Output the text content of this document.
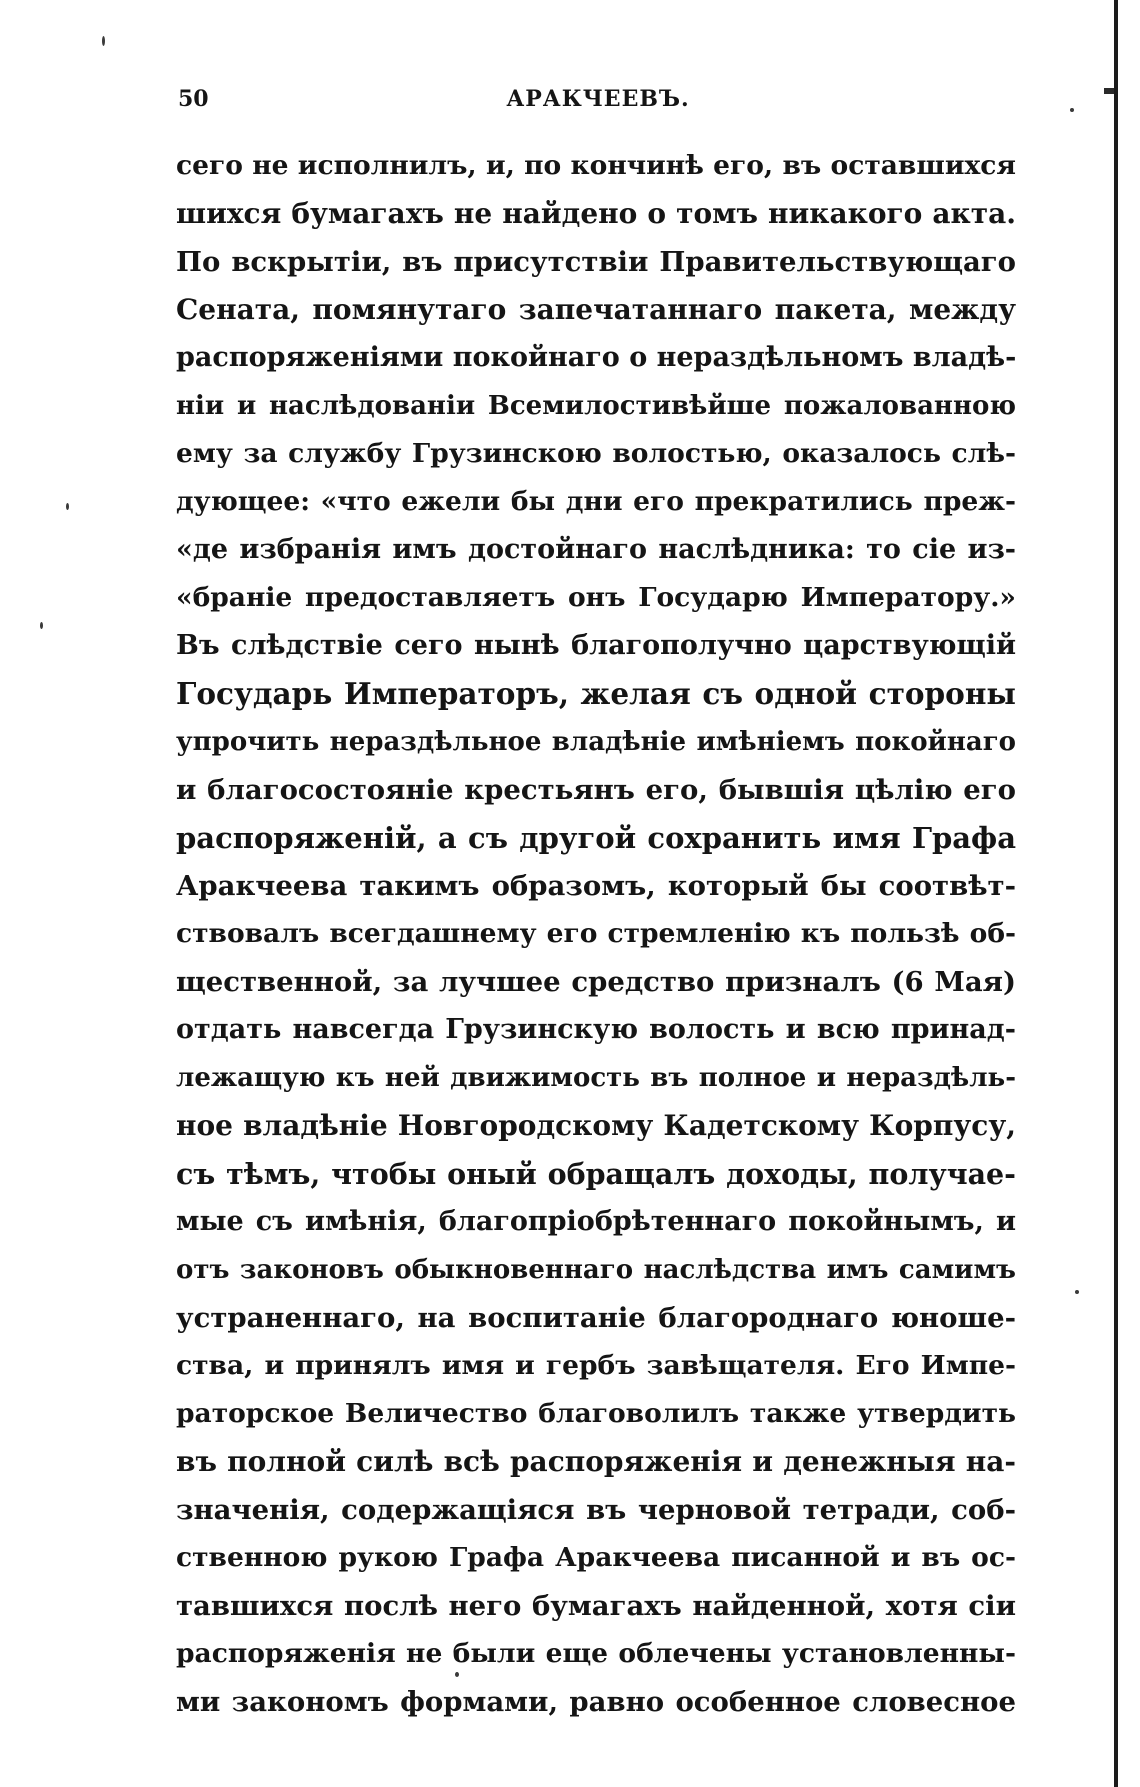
50	АРАКЧЕЕВЪ.
сего не исполнилъ, и, по кончинѣ его, въ оставшихся
шихся бумагахъ не найдено о томъ никакого акта.
По вскрытіи, въ присутствіи Правительствующаго
Сената, помянутаго запечатаннаго пакета, между
распоряженіями покойнаго о нераздѣльномъ владѣ-
ніи и наслѣдованіи Всемилостивѣйше пожалованною
ему за службу Грузинскою волостью, оказалось слѣ-
дующее: «что ежели бы дни его прекратились преж-
«де избранія имъ достойнаго наслѣдника: то сіе из-
«браніе предоставляетъ онъ Государю Императору.»
Въ слѣдствіе сего нынѣ благополучно царствующій
Государь Императоръ, желая съ одной стороны
упрочить нераздѣльное владѣніе имѣніемъ покойнаго
и благосостояніе крестьянъ его, бывшія цѣлію его
распоряженій, а съ другой сохранить имя Графа
Аракчеева такимъ образомъ, который бы соотвѣт-
ствовалъ всегдашнему его стремленію къ пользѣ об-
щественной, за лучшее средство призналъ (6 Мая)
отдать навсегда Грузинскую волость и всю принад-
лежащую къ ней движимость въ полное и нераздѣль-
ное владѣніе Новгородскому Кадетскому Корпусу,
съ тѣмъ, чтобы оный обращалъ доходы, получае-
мые съ имѣнія, благопріобрѣтеннаго покойнымъ, и
отъ законовъ обыкновеннаго наслѣдства имъ самимъ
устраненнаго, на воспитаніе благороднаго юноше-
ства, и принялъ имя и гербъ завѣщателя. Его Импе-
раторское Величество благоволилъ также утвердить
въ полной силѣ всѣ распоряженія и денежныя на-
значенія, содержащіяся въ черновой тетради, соб-
ственною рукою Графа Аракчеева писанной и въ ос-
тавшихся послѣ него бумагахъ найденной, хотя сіи
распоряженія не были еще облечены установленны-
ми закономъ формами, равно особенное словесное
